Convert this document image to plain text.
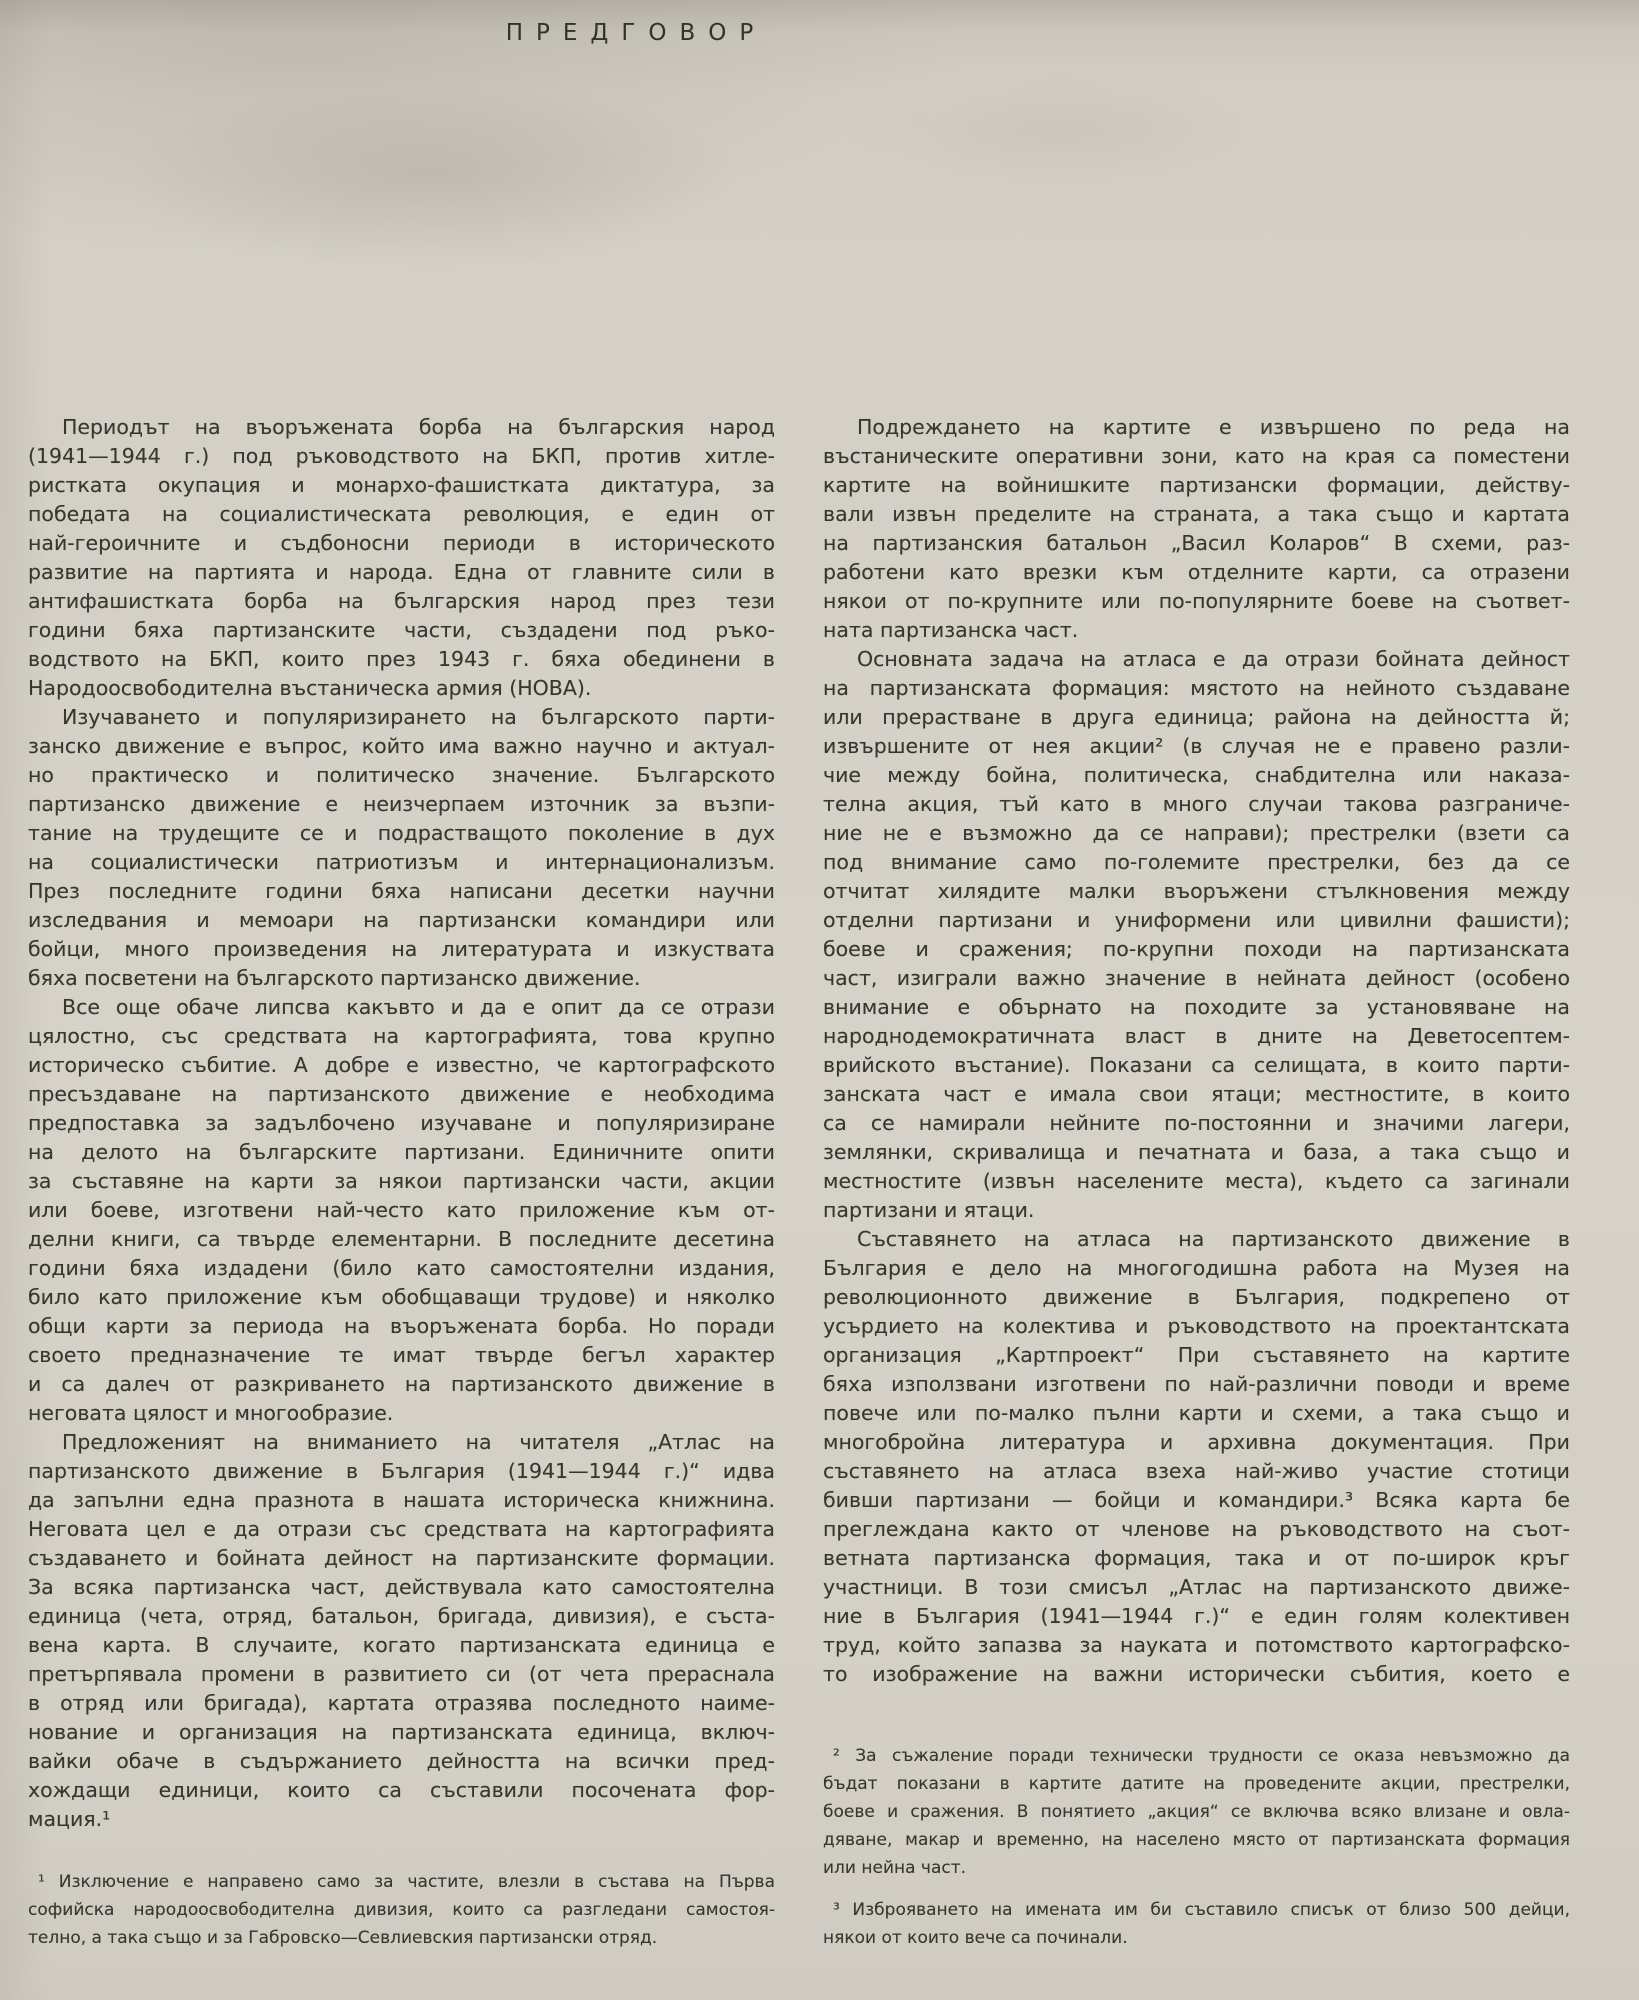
ПРЕДГОВОР
Периодът на въоръжената борба на българския народ
(1941—1944 г.) под ръководството на БКП, против хитле-
ристката окупация и монархо-фашистката диктатура, за
победата на социалистическата революция, е един от
най-героичните и съдбоносни периоди в историческото
развитие на партията и народа. Една от главните сили в
антифашистката борба на българския народ през тези
години бяха партизанските части, създадени под ръко-
водството на БКП, които през 1943 г. бяха обединени в
Народоосвободителна въстаническа армия (НОВА).
Изучаването и популяризирането на българското парти-
занско движение е въпрос, който има важно научно и актуал-
но практическо и политическо значение. Българското
партизанско движение е неизчерпаем източник за възпи-
тание на трудещите се и подрастващото поколение в дух
на социалистически патриотизъм и интернационализъм.
През последните години бяха написани десетки научни
изследвания и мемоари на партизански командири или
бойци, много произведения на литературата и изкуствата
бяха посветени на българското партизанско движение.
Все още обаче липсва какъвто и да е опит да се отрази
цялостно, със средствата на картографията, това крупно
историческо събитие. А добре е известно, че картографското
пресъздаване на партизанското движение е необходима
предпоставка за задълбочено изучаване и популяризиране
на делото на българските партизани. Единичните опити
за съставяне на карти за някои партизански части, акции
или боеве, изготвени най-често като приложение към от-
делни книги, са твърде елементарни. В последните десетина
години бяха издадени (било като самостоятелни издания,
било като приложение към обобщаващи трудове) и няколко
общи карти за периода на въоръжената борба. Но поради
своето предназначение те имат твърде бегъл характер
и са далеч от разкриването на партизанското движение в
неговата цялост и многообразие.
Предложеният на вниманието на читателя „Атлас на
партизанското движение в България (1941—1944 г.)“ идва
да запълни една празнота в нашата историческа книжнина.
Неговата цел е да отрази със средствата на картографията
създаването и бойната дейност на партизанските формации.
За всяка партизанска част, действувала като самостоятелна
единица (чета, отряд, батальон, бригада, дивизия), е съста-
вена карта. В случаите, когато партизанската единица е
претърпявала промени в развитието си (от чета прераснала
в отряд или бригада), картата отразява последното наиме-
нование и организация на партизанската единица, включ-
вайки обаче в съдържанието дейността на всички пред-
хождащи единици, които са съставили посочената фор-
мация.¹
¹ Изключение е направено само за частите, влезли в състава на Първа
софийска народоосвободителна дивизия, които са разгледани самостоя-
телно, а така също и за Габровско—Севлиевския партизански отряд.
Подреждането на картите е извършено по реда на
въстаническите оперативни зони, като на края са поместени
картите на войнишките партизански формации, действу-
вали извън пределите на страната, а така също и картата
на партизанския батальон „Васил Коларов“ В схеми, раз-
работени като врезки към отделните карти, са отразени
някои от по-крупните или по-популярните боеве на съответ-
ната партизанска част.
Основната задача на атласа е да отрази бойната дейност
на партизанската формация: мястото на нейното създаване
или прерастване в друга единица; района на дейността й;
извършените от нея акции² (в случая не е правено разли-
чие между бойна, политическа, снабдителна или наказа-
телна акция, тъй като в много случаи такова разграниче-
ние не е възможно да се направи); престрелки (взети са
под внимание само по-големите престрелки, без да се
отчитат хилядите малки въоръжени стълкновения между
отделни партизани и униформени или цивилни фашисти);
боеве и сражения; по-крупни походи на партизанската
част, изиграли важно значение в нейната дейност (особено
внимание е обърнато на походите за установяване на
народнодемократичната власт в дните на Деветосептем-
врийското въстание). Показани са селищата, в които парти-
занската част е имала свои ятаци; местностите, в които
са се намирали нейните по-постоянни и значими лагери,
землянки, скривалища и печатната и база, а така също и
местностите (извън населените места), където са загинали
партизани и ятаци.
Съставянето на атласа на партизанското движение в
България е дело на многогодишна работа на Музея на
революционното движение в България, подкрепено от
усърдието на колектива и ръководството на проектантската
организация „Картпроект“ При съставянето на картите
бяха използвани изготвени по най-различни поводи и време
повече или по-малко пълни карти и схеми, а така също и
многобройна литература и архивна документация. При
съставянето на атласа взеха най-живо участие стотици
бивши партизани — бойци и командири.³ Всяка карта бе
преглеждана както от членове на ръководството на съот-
ветната партизанска формация, така и от по-широк кръг
участници. В този смисъл „Атлас на партизанското движе-
ние в България (1941—1944 г.)“ е един голям колективен
труд, който запазва за науката и потомството картографско-
то изображение на важни исторически събития, което е
² За съжаление поради технически трудности се оказа невъзможно да
бъдат показани в картите датите на проведените акции, престрелки,
боеве и сражения. В понятието „акция“ се включва всяко влизане и овла-
дяване, макар и временно, на населено място от партизанската формация
или нейна част.
³ Изброяването на имената им би съставило списък от близо 500 дейци,
някои от които вече са починали.
